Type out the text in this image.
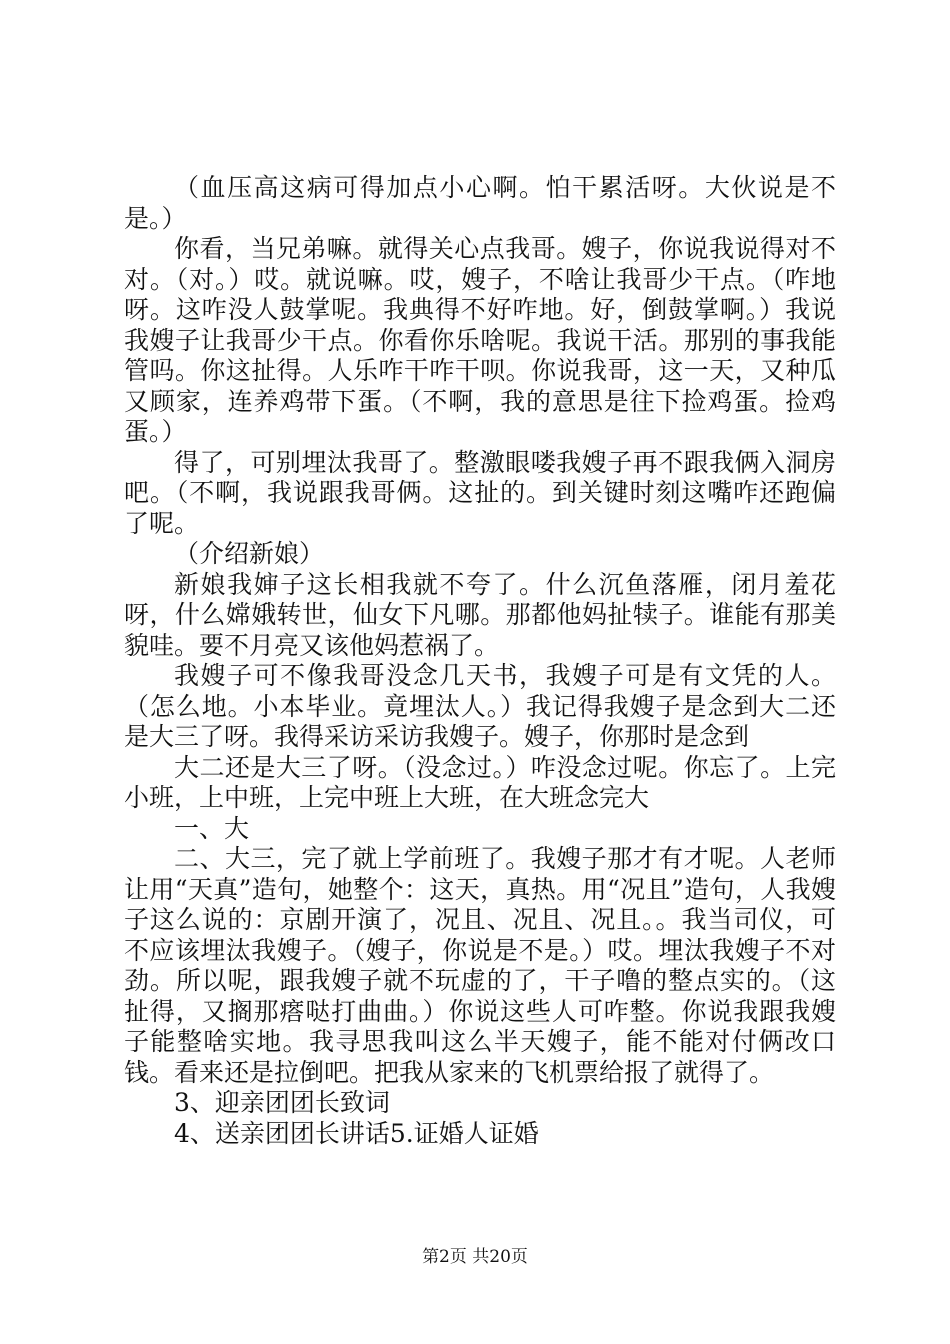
（血压高这病可得加点小心啊。怕干累活呀。大伙说是不是。）

你看，当兄弟嘛。就得关心点我哥。嫂子，你说我说得对不对。（对。）哎。就说嘛。哎，嫂子，不啥让我哥少干点。（咋地呀。这咋没人鼓掌呢。我典得不好咋地。好，倒鼓掌啊。）我说我嫂子让我哥少干点。你看你乐啥呢。我说干活。那别的事我能管吗。你这扯得。人乐咋干咋干呗。你说我哥，这一天，又种瓜又顾家，连养鸡带下蛋。（不啊，我的意思是往下捡鸡蛋。捡鸡蛋。）

得了，可别埋汰我哥了。整激眼喽我嫂子再不跟我俩入洞房吧。（不啊，我说跟我哥俩。这扯的。到关键时刻这嘴咋还跑偏了呢。

（介绍新娘）

新娘我婶子这长相我就不夸了。什么沉鱼落雁，闭月羞花呀，什么嫦娥转世，仙女下凡哪。那都他妈扯犊子。谁能有那美貌哇。要不月亮又该他妈惹祸了。

我嫂子可不像我哥没念几天书，我嫂子可是有文凭的人。（怎么地。小本毕业。竟埋汰人。）我记得我嫂子是念到大二还是大三了呀。我得采访采访我嫂子。嫂子，你那时是念到

大二还是大三了呀。（没念过。）咋没念过呢。你忘了。上完小班，上中班，上完中班上大班，在大班念完大

一、大

二、大三，完了就上学前班了。我嫂子那才有才呢。人老师让用“天真”造句，她整个：这天，真热。用“况且”造句，人我嫂子这么说的：京剧开演了，况且、况且、况且。。我当司仪，可不应该埋汰我嫂子。（嫂子，你说是不是。）哎。埋汰我嫂子不对劲。所以呢，跟我嫂子就不玩虚的了，干子噜的整点实的。（这扯得，又搁那瘩哒打曲曲。）你说这些人可咋整。你说我跟我嫂子能整啥实地。我寻思我叫这么半天嫂子，能不能对付俩改口钱。看来还是拉倒吧。把我从家来的飞机票给报了就得了。

3、迎亲团团长致词

4、送亲团团长讲话5.证婚人证婚

第2页 共20页
